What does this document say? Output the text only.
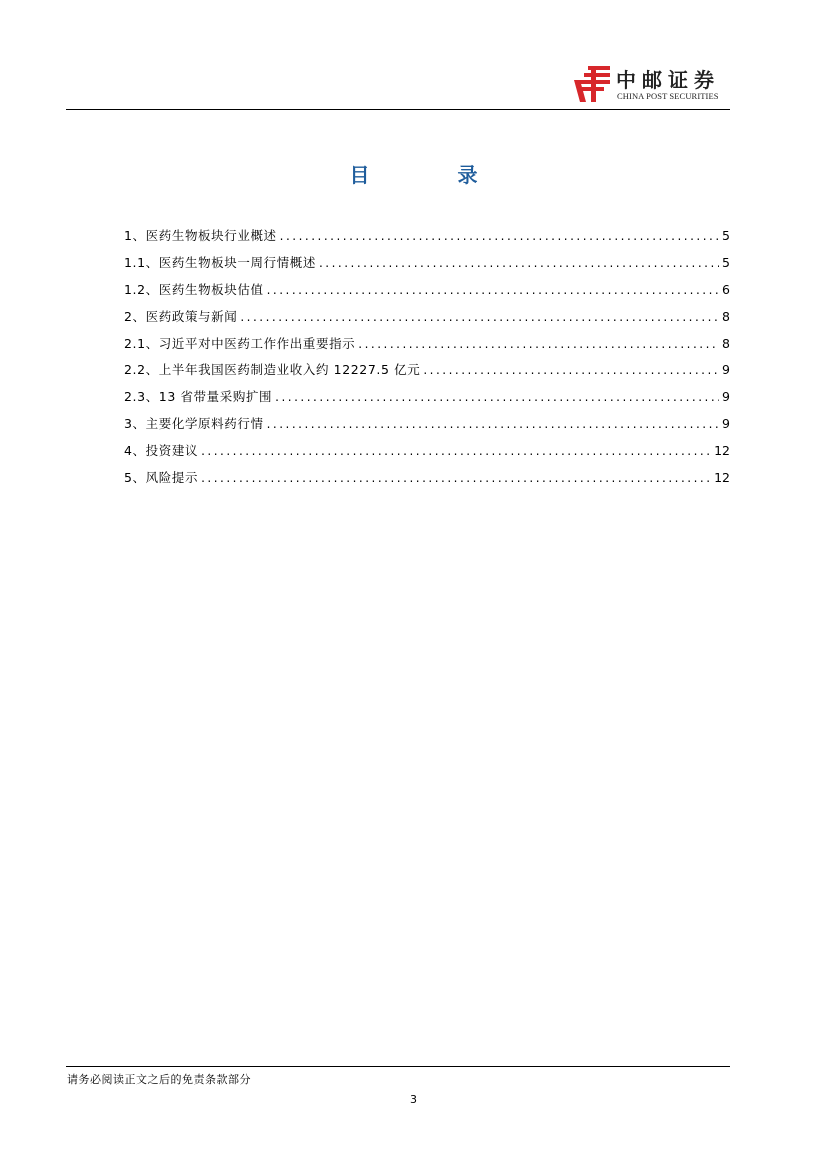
中邮证券
CHINA POST SECURITIES
目录
1、医药生物板块行业概述 .....	5
1.1、医药生物板块一周行情概述 .....	5
1.2、医药生物板块估值 .....	6
2、医药政策与新闻 .....	8
2.1、习近平对中医药工作作出重要指示 .....	8
2.2、上半年我国医药制造业收入约 12227.5 亿元 .....	9
2.3、13 省带量采购扩围 .....	9
3、主要化学原料药行情 .....	9
4、投资建议 .....	12
5、风险提示 .....	12
请务必阅读正文之后的免责条款部分
3
